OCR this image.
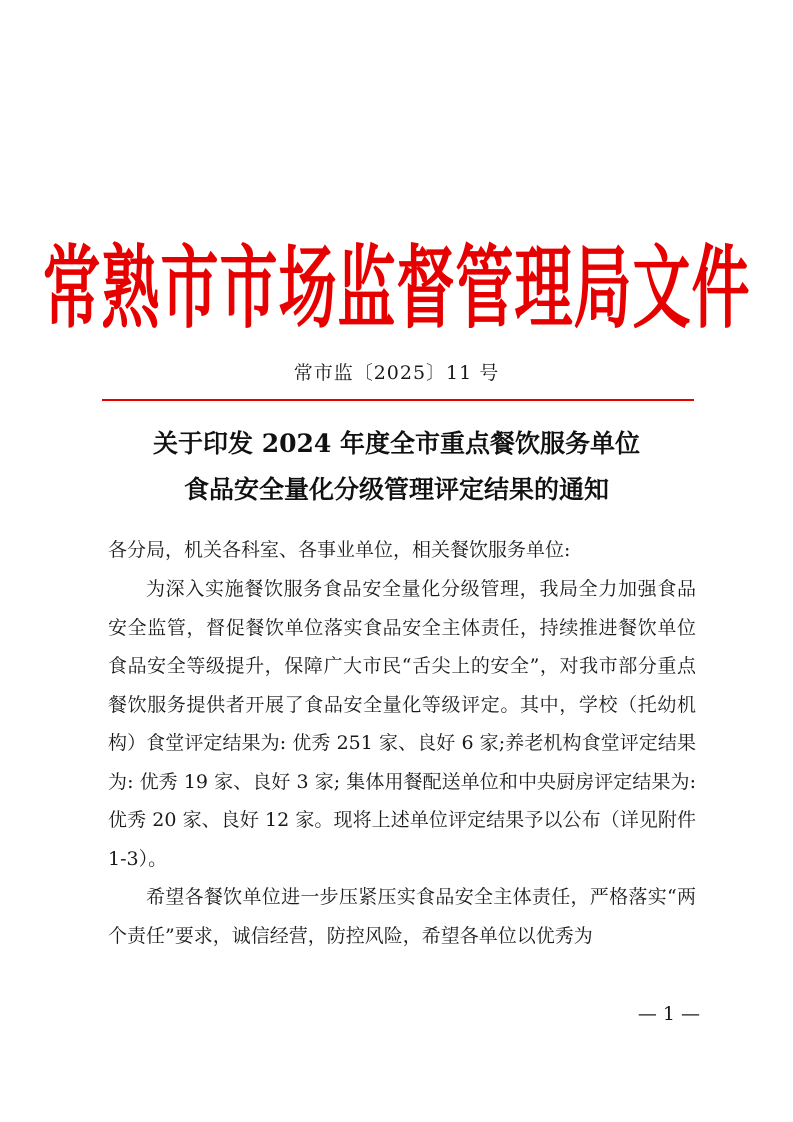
常熟市市场监督管理局文件
常市监〔2025〕11 号
关于印发 2024 年度全市重点餐饮服务单位
食品安全量化分级管理评定结果的通知
各分局，机关各科室、各事业单位，相关餐饮服务单位:
为深入实施餐饮服务食品安全量化分级管理，我局全力加强食品安全监管，督促餐饮单位落实食品安全主体责任，持续推进餐饮单位食品安全等级提升，保障广大市民“舌尖上的安全”，对我市部分重点餐饮服务提供者开展了食品安全量化等级评定。其中，学校（托幼机构）食堂评定结果为: 优秀 251 家、良好 6 家;养老机构食堂评定结果为: 优秀 19 家、良好 3 家; 集体用餐配送单位和中央厨房评定结果为: 优秀 20 家、良好 12 家。现将上述单位评定结果予以公布（详见附件 1-3）。
希望各餐饮单位进一步压紧压实食品安全主体责任，严格落实“两个责任”要求，诚信经营，防控风险，希望各单位以优秀为
— 1 —
